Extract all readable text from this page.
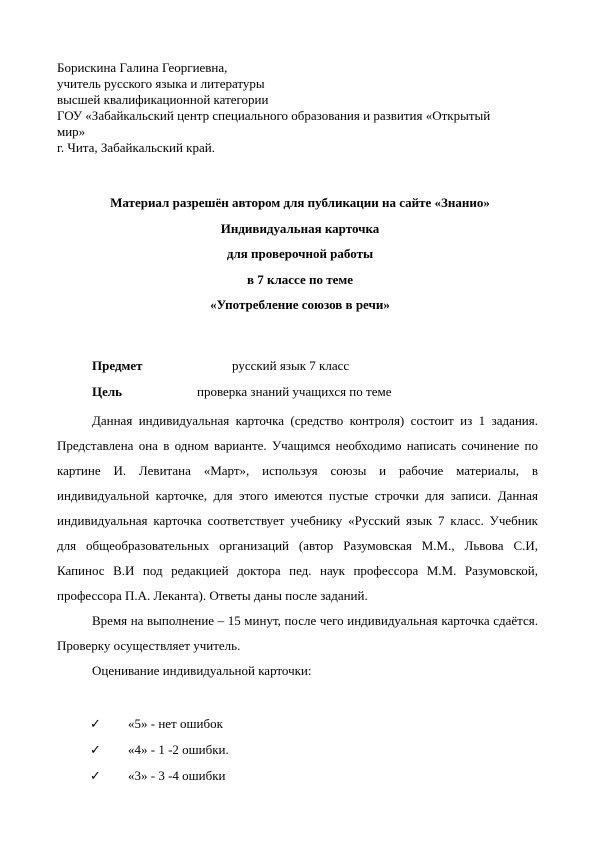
Борискина Галина Георгиевна,
учитель русского языка и литературы
высшей квалификационной категории
ГОУ «Забайкальский центр специального образования и развития «Открытый
мир»
г. Чита, Забайкальский край.
Материал разрешён автором для публикации на сайте «Знанио»
Индивидуальная карточка
для проверочной работы
в 7 классе по теме
«Употребление союзов в речи»
Предмет	русский язык 7 класс
Цель	проверка знаний учащихся по теме

Данная индивидуальная карточка (средство контроля) состоит из 1 задания. Представлена она в одном варианте. Учащимся необходимо написать сочинение по картине И. Левитана «Март», используя союзы и рабочие материалы, в индивидуальной карточке, для этого имеются пустые строчки для записи. Данная индивидуальная карточка соответствует учебнику «Русский язык 7 класс. Учебник для общеобразовательных организаций (автор Разумовская М.М., Львова С.И, Капинос В.И под редакцией доктора пед. наук профессора М.М. Разумовской, профессора П.А. Леканта). Ответы даны после заданий.

Время на выполнение – 15 минут, после чего индивидуальная карточка сдаётся. Проверку осуществляет учитель.

Оценивание индивидуальной карточки:

✓ «5» - нет ошибок
✓ «4» - 1 -2 ошибки.
✓ «3» - 3 -4 ошибки
